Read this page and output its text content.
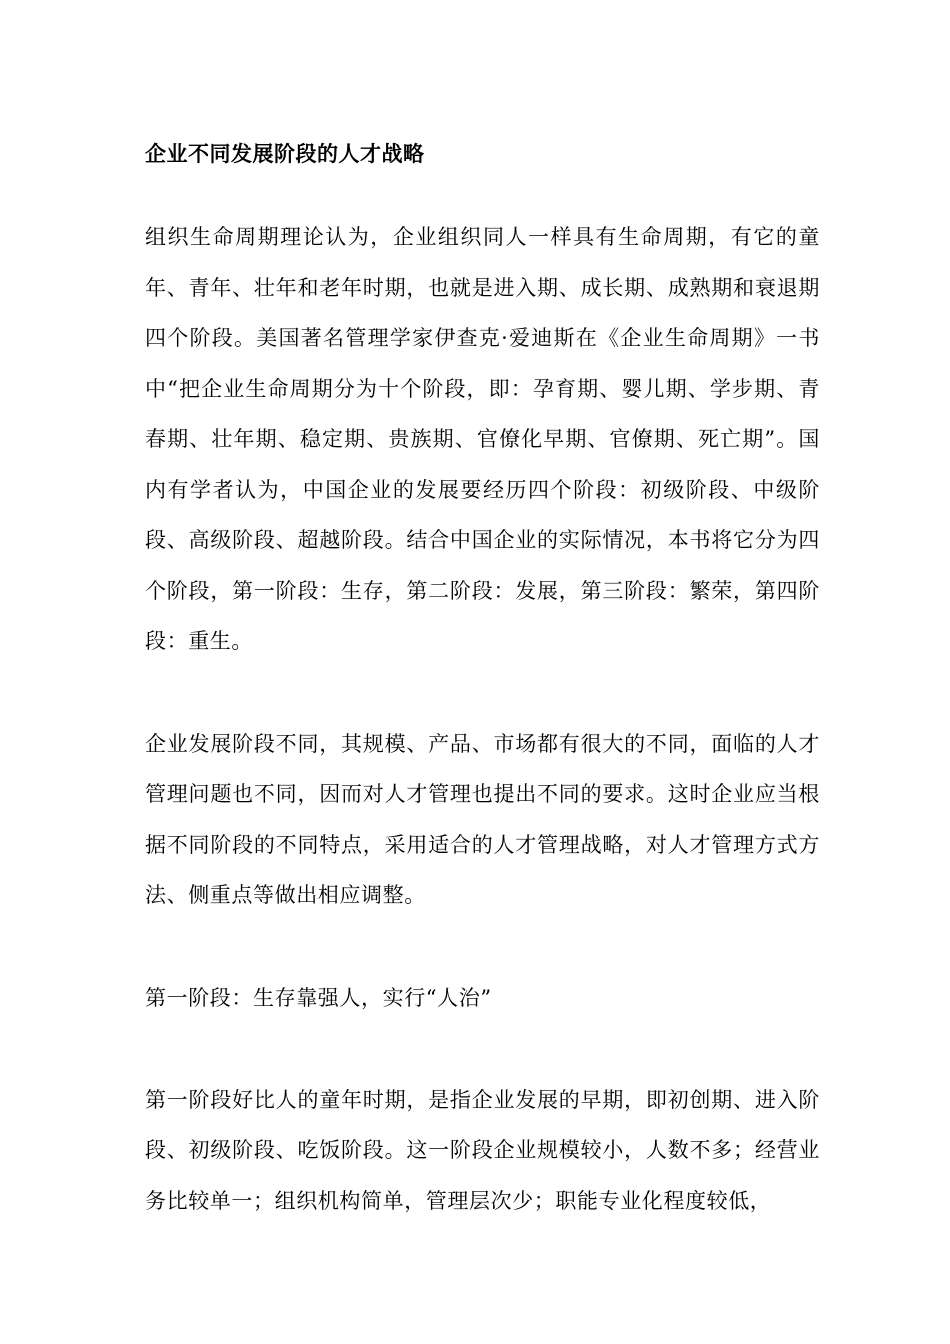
企业不同发展阶段的人才战略

组织生命周期理论认为，企业组织同人一样具有生命周期，有它的童年、青年、壮年和老年时期，也就是进入期、成长期、成熟期和衰退期四个阶段。美国著名管理学家伊查克·爱迪斯在《企业生命周期》一书中“把企业生命周期分为十个阶段，即：孕育期、婴儿期、学步期、青春期、壮年期、稳定期、贵族期、官僚化早期、官僚期、死亡期”。国内有学者认为，中国企业的发展要经历四个阶段：初级阶段、中级阶段、高级阶段、超越阶段。结合中国企业的实际情况，本书将它分为四个阶段，第一阶段：生存，第二阶段：发展，第三阶段：繁荣，第四阶段：重生。

企业发展阶段不同，其规模、产品、市场都有很大的不同，面临的人才管理问题也不同，因而对人才管理也提出不同的要求。这时企业应当根据不同阶段的不同特点，采用适合的人才管理战略，对人才管理方式方法、侧重点等做出相应调整。

第一阶段：生存靠强人，实行“人治”

第一阶段好比人的童年时期，是指企业发展的早期，即初创期、进入阶段、初级阶段、吃饭阶段。这一阶段企业规模较小，人数不多；经营业务比较单一；组织机构简单，管理层次少；职能专业化程度较低，
